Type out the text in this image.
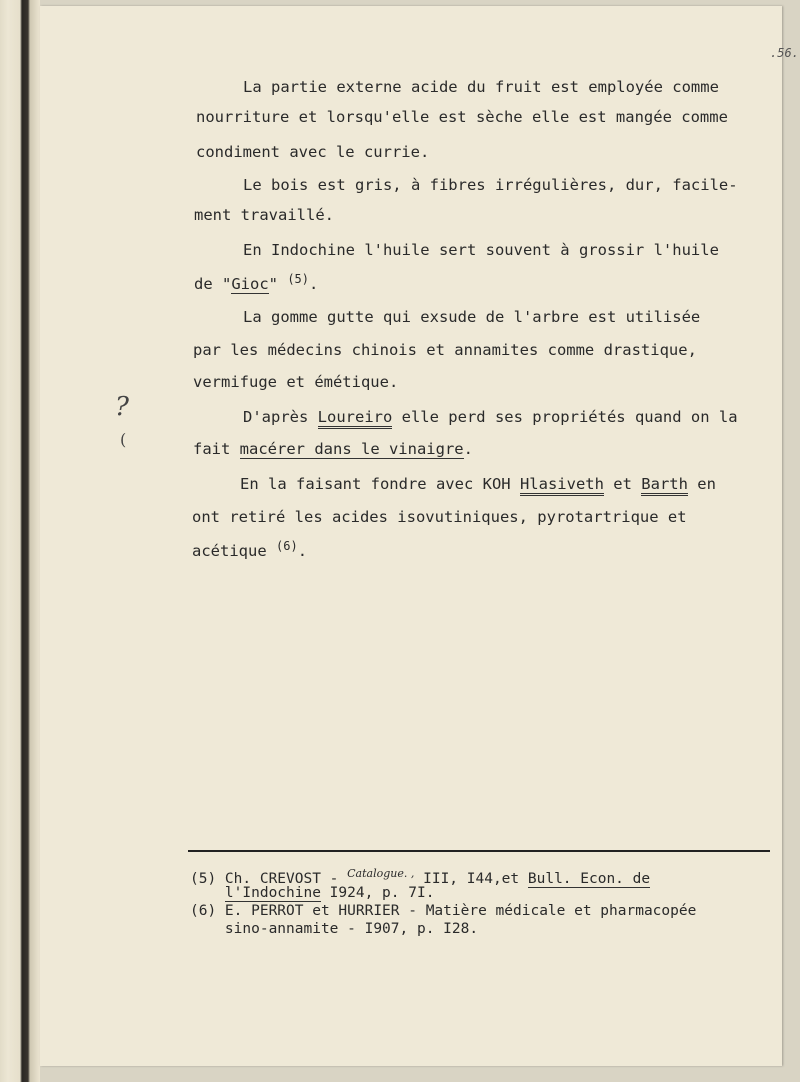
.56.
?
(
La partie externe acide du fruit est employée comme
nourriture et lorsqu'elle est sèche elle est mangée comme
condiment avec le currie.
Le bois est gris, à fibres irrégulières, dur, facile-
ment travaillé.
En Indochine l'huile sert souvent à grossir l'huile
de "Gioc" $^{(5)}$.
La gomme gutte qui exsude de l'arbre est utilisée
par les médecins chinois et annamites comme drastique,
vermifuge et émétique.
D'après Loureiro elle perd ses propriétés quand on la
fait macérer dans le vinaigre.
En la faisant fondre avec KOH Hlasiveth et Barth en
ont retiré les acides isovutiniques, pyrotartrique et
acétique $^{(6)}$.
(5) Ch. CREVOST - $^{Catalogue. ,}$ III, I44,et Bull. Econ. de
l'Indochine I924, p. 7I.
(6) E. PERROT et HURRIER - Matière médicale et pharmacopée
sino-annamite - I907, p. I28.
